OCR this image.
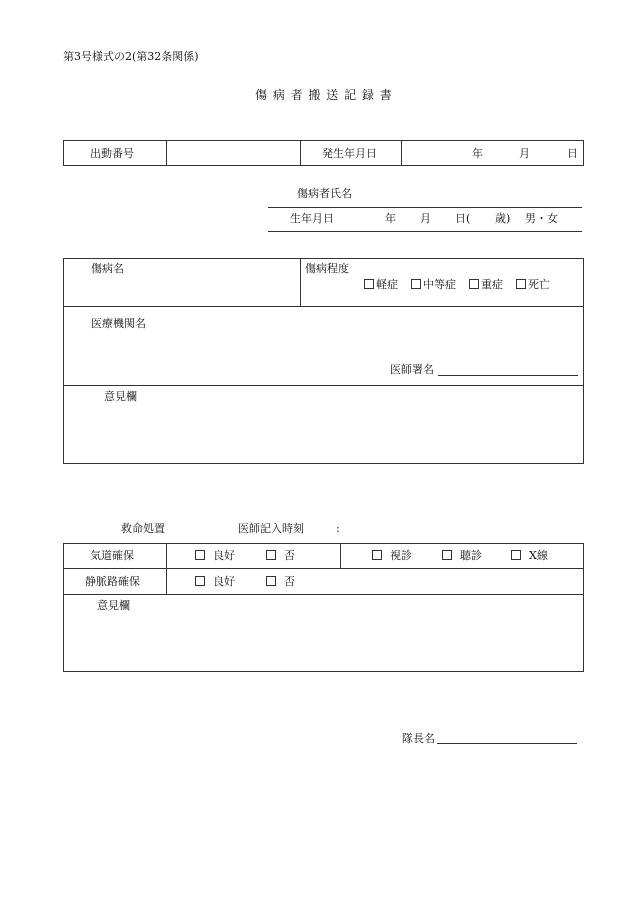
第3号様式の2(第32条関係)
傷 病 者 搬 送 記 録 書
出動番号	発生年月日	年	月	日
傷病者氏名
生年月日	年 月 日( 歳) 男・女
傷病名	傷病程度
軽症	中等症	重症	死亡
医療機関名
医師署名
意見欄
救命処置	医師記入時刻	:
気道確保	良好	否	視診	聴診	X線
静脈路確保	良好	否
意見欄
隊長名
